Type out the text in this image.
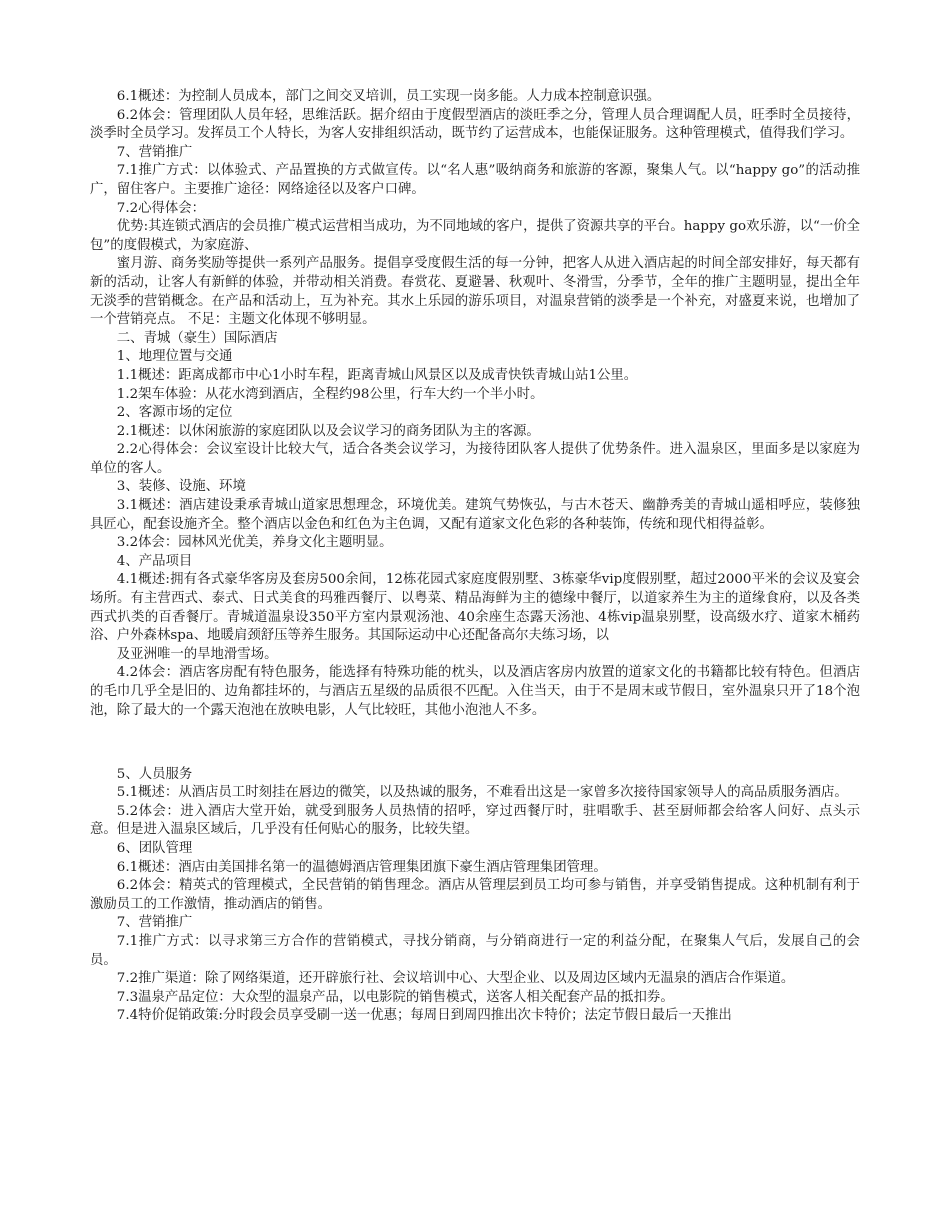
6.1概述：为控制人员成本，部门之间交叉培训，员工实现一岗多能。人力成本控制意识强。

6.2体会：管理团队人员年轻，思维活跃。据介绍由于度假型酒店的淡旺季之分，管理人员合理调配人员，旺季时全员接待，淡季时全员学习。发挥员工个人特长，为客人安排组织活动，既节约了运营成本，也能保证服务。这种管理模式，值得我们学习。

7、营销推广

7.1推广方式：以体验式、产品置换的方式做宣传。以“名人惠”吸纳商务和旅游的客源，聚集人气。以“happy go”的活动推广，留住客户。主要推广途径：网络途径以及客户口碑。

7.2心得体会：

优势:其连锁式酒店的会员推广模式运营相当成功，为不同地域的客户，提供了资源共享的平台。happy go欢乐游，以“一价全包”的度假模式，为家庭游、

蜜月游、商务奖励等提供一系列产品服务。提倡享受度假生活的每一分钟，把客人从进入酒店起的时间全部安排好，每天都有新的活动，让客人有新鲜的体验，并带动相关消费。春赏花、夏避暑、秋观叶、冬滑雪，分季节，全年的推广主题明显，提出全年无淡季的营销概念。在产品和活动上，互为补充。其水上乐园的游乐项目，对温泉营销的淡季是一个补充，对盛夏来说，也增加了一个营销亮点。 不足：主题文化体现不够明显。

二、青城（豪生）国际酒店

1、地理位置与交通

1.1概述：距离成都市中心1小时车程，距离青城山风景区以及成青快铁青城山站1公里。

1.2架车体验：从花水湾到酒店，全程约98公里，行车大约一个半小时。

2、客源市场的定位

2.1概述：以休闲旅游的家庭团队以及会议学习的商务团队为主的客源。

2.2心得体会：会议室设计比较大气，适合各类会议学习，为接待团队客人提供了优势条件。进入温泉区，里面多是以家庭为单位的客人。

3、装修、设施、环境

3.1概述：酒店建设秉承青城山道家思想理念，环境优美。建筑气势恢弘，与古木苍天、幽静秀美的青城山遥相呼应，装修独具匠心，配套设施齐全。整个酒店以金色和红色为主色调，又配有道家文化色彩的各种装饰，传统和现代相得益彰。

3.2体会：园林风光优美，养身文化主题明显。

4、产品项目

4.1概述:拥有各式豪华客房及套房500余间，12栋花园式家庭度假别墅、3栋豪华vip度假别墅，超过2000平米的会议及宴会场所。有主营西式、泰式、日式美食的玛雅西餐厅、以粤菜、精品海鲜为主的德缘中餐厅，以道家养生为主的道缘食府，以及各类西式扒类的百香餐厅。青城道温泉设350平方室内景观汤池、40余座生态露天汤池、4栋vip温泉别墅，设高级水疗、道家木桶药浴、户外森林spa、地暖肩颈舒压等养生服务。其国际运动中心还配备高尔夫练习场，以

及亚洲唯一的旱地滑雪场。

4.2体会：酒店客房配有特色服务，能选择有特殊功能的枕头，以及酒店客房内放置的道家文化的书籍都比较有特色。但酒店的毛巾几乎全是旧的、边角都挂坏的，与酒店五星级的品质很不匹配。入住当天，由于不是周末或节假日，室外温泉只开了18个泡池，除了最大的一个露天泡池在放映电影，人气比较旺，其他小泡池人不多。

5、人员服务

5.1概述：从酒店员工时刻挂在唇边的微笑，以及热诚的服务，不难看出这是一家曾多次接待国家领导人的高品质服务酒店。

5.2体会：进入酒店大堂开始，就受到服务人员热情的招呼，穿过西餐厅时，驻唱歌手、甚至厨师都会给客人问好、点头示意。但是进入温泉区域后，几乎没有任何贴心的服务，比较失望。

6、团队管理

6.1概述：酒店由美国排名第一的温德姆酒店管理集团旗下豪生酒店管理集团管理。

6.2体会：精英式的管理模式，全民营销的销售理念。酒店从管理层到员工均可参与销售，并享受销售提成。这种机制有利于激励员工的工作激情，推动酒店的销售。

7、营销推广

7.1推广方式：以寻求第三方合作的营销模式，寻找分销商，与分销商进行一定的利益分配，在聚集人气后，发展自己的会员。

7.2推广渠道：除了网络渠道，还开辟旅行社、会议培训中心、大型企业、以及周边区域内无温泉的酒店合作渠道。

7.3温泉产品定位：大众型的温泉产品，以电影院的销售模式，送客人相关配套产品的抵扣券。

7.4特价促销政策:分时段会员享受刷一送一优惠；每周日到周四推出次卡特价；法定节假日最后一天推出
